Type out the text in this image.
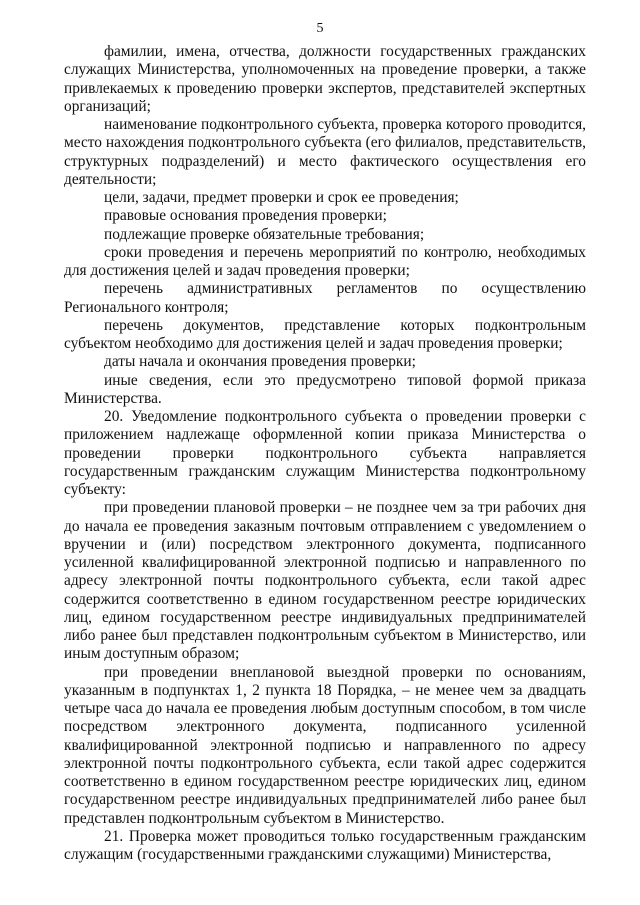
5

фамилии, имена, отчества, должности государственных гражданских служащих Министерства, уполномоченных на проведение проверки, а также привлекаемых к проведению проверки экспертов, представителей экспертных организаций;

наименование подконтрольного субъекта, проверка которого проводится, место нахождения подконтрольного субъекта (его филиалов, представительств, структурных подразделений) и место фактического осуществления его деятельности;

цели, задачи, предмет проверки и срок ее проведения;

правовые основания проведения проверки;

подлежащие проверке обязательные требования;

сроки проведения и перечень мероприятий по контролю, необходимых для достижения целей и задач проведения проверки;

перечень административных регламентов по осуществлению Регионального контроля;

перечень документов, представление которых подконтрольным субъектом необходимо для достижения целей и задач проведения проверки;

даты начала и окончания проведения проверки;

иные сведения, если это предусмотрено типовой формой приказа Министерства.

20. Уведомление подконтрольного субъекта о проведении проверки с приложением надлежаще оформленной копии приказа Министерства о проведении проверки подконтрольного субъекта направляется государственным гражданским служащим Министерства подконтрольному субъекту:

при проведении плановой проверки – не позднее чем за три рабочих дня до начала ее проведения заказным почтовым отправлением с уведомлением о вручении и (или) посредством электронного документа, подписанного усиленной квалифицированной электронной подписью и направленного по адресу электронной почты подконтрольного субъекта, если такой адрес содержится соответственно в едином государственном реестре юридических лиц, едином государственном реестре индивидуальных предпринимателей либо ранее был представлен подконтрольным субъектом в Министерство, или иным доступным образом;

при проведении внеплановой выездной проверки по основаниям, указанным в подпунктах 1, 2 пункта 18 Порядка, – не менее чем за двадцать четыре часа до начала ее проведения любым доступным способом, в том числе посредством электронного документа, подписанного усиленной квалифицированной электронной подписью и направленного по адресу электронной почты подконтрольного субъекта, если такой адрес содержится соответственно в едином государственном реестре юридических лиц, едином государственном реестре индивидуальных предпринимателей либо ранее был представлен подконтрольным субъектом в Министерство.

21. Проверка может проводиться только государственным гражданским служащим (государственными гражданскими служащими) Министерства,
